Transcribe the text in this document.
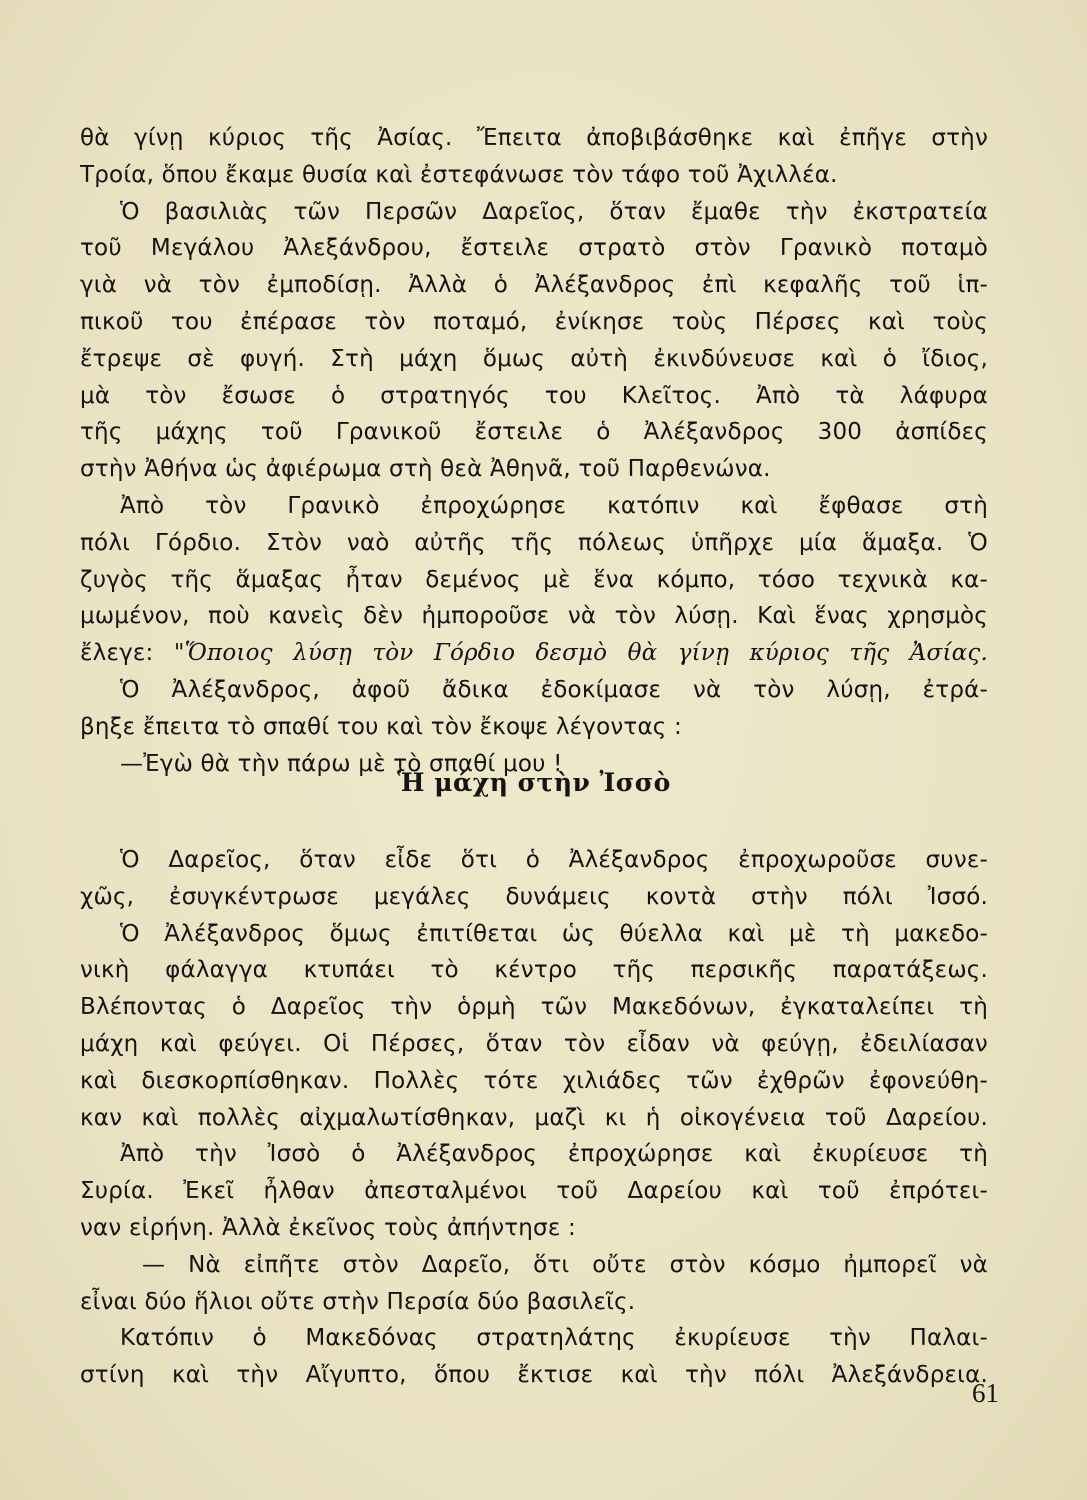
θὰ γίνῃ κύριος τῆς Ἀσίας. Ἔπειτα ἀποβιβάσθηκε καὶ ἐπῆγε στὴν
Τροία, ὅπου ἔκαμε θυσία καὶ ἐστεφάνωσε τὸν τάφο τοῦ Ἀχιλλέα.
Ὁ βασιλιὰς τῶν Περσῶν Δαρεῖος, ὅταν ἔμαθε τὴν ἐκστρατεία
τοῦ Μεγάλου Ἀλεξάνδρου, ἔστειλε στρατὸ στὸν Γρανικὸ ποταμὸ
γιὰ νὰ τὸν ἐμποδίσῃ. Ἀλλὰ ὁ Ἀλέξανδρος ἐπὶ κεφαλῆς τοῦ ἱπ-
πικοῦ του ἐπέρασε τὸν ποταμό, ἐνίκησε τοὺς Πέρσες καὶ τοὺς
ἔτρεψε σὲ φυγή. Στὴ μάχη ὅμως αὐτὴ ἐκινδύνευσε καὶ ὁ ἴδιος,
μὰ τὸν ἔσωσε ὁ στρατηγός του Κλεῖτος. Ἀπὸ τὰ λάφυρα
τῆς μάχης τοῦ Γρανικοῦ ἔστειλε ὁ Ἀλέξανδρος 300 ἀσπίδες
στὴν Ἀθήνα ὡς ἀφιέρωμα στὴ θεὰ Ἀθηνᾶ, τοῦ Παρθενώνα.
Ἀπὸ τὸν Γρανικὸ ἐπροχώρησε κατόπιν καὶ ἔφθασε στὴ
πόλι Γόρδιο. Στὸν ναὸ αὐτῆς τῆς πόλεως ὑπῆρχε μία ἅμαξα. Ὁ
ζυγὸς τῆς ἅμαξας ἦταν δεμένος μὲ ἕνα κόμπο, τόσο τεχνικὰ κα-
μωμένον, ποὺ κανεὶς δὲν ἠμποροῦσε νὰ τὸν λύσῃ. Καὶ ἕνας χρησμὸς
ἔλεγε: "Ὅποιος λύσῃ τὸν Γόρδιο δεσμὸ θὰ γίνῃ κύριος τῆς Ἀσίας.
Ὁ Ἀλέξανδρος, ἀφοῦ ἄδικα ἐδοκίμασε νὰ τὸν λύσῃ, ἐτρά-
βηξε ἔπειτα τὸ σπαθί του καὶ τὸν ἔκοψε λέγοντας :
—Ἐγὼ θὰ τὴν πάρω μὲ τὸ σπαθί μου !
Ἡ μάχη στὴν Ἰσσὸ
Ὁ Δαρεῖος, ὅταν εἶδε ὅτι ὁ Ἀλέξανδρος ἐπροχωροῦσε συνε-
χῶς, ἐσυγκέντρωσε μεγάλες δυνάμεις κοντὰ στὴν πόλι Ἰσσό.
Ὁ Ἀλέξανδρος ὅμως ἐπιτίθεται ὡς θύελλα καὶ μὲ τὴ μακεδο-
νικὴ φάλαγγα κτυπάει τὸ κέντρο τῆς περσικῆς παρατάξεως.
Βλέποντας ὁ Δαρεῖος τὴν ὁρμὴ τῶν Μακεδόνων, ἐγκαταλείπει τὴ
μάχη καὶ φεύγει. Οἱ Πέρσες, ὅταν τὸν εἶδαν νὰ φεύγῃ, ἐδειλίασαν
καὶ διεσκορπίσθηκαν. Πολλὲς τότε χιλιάδες τῶν ἐχθρῶν ἐφονεύθη-
καν καὶ πολλὲς αἰχμαλωτίσθηκαν, μαζὶ κι ἡ οἰκογένεια τοῦ Δαρείου.
Ἀπὸ τὴν Ἰσσὸ ὁ Ἀλέξανδρος ἐπροχώρησε καὶ ἐκυρίευσε τὴ
Συρία. Ἐκεῖ ἦλθαν ἀπεσταλμένοι τοῦ Δαρείου καὶ τοῦ ἐπρότει-
ναν εἰρήνη. Ἀλλὰ ἐκεῖνος τοὺς ἀπήντησε :
— Νὰ εἰπῆτε στὸν Δαρεῖο, ὅτι οὔτε στὸν κόσμο ἠμπορεῖ νὰ
εἶναι δύο ἥλιοι οὔτε στὴν Περσία δύο βασιλεῖς.
Κατόπιν ὁ Μακεδόνας στρατηλάτης ἐκυρίευσε τὴν Παλαι-
στίνη καὶ τὴν Αἴγυπτο, ὅπου ἔκτισε καὶ τὴν πόλι Ἀλεξάνδρεια.
61
